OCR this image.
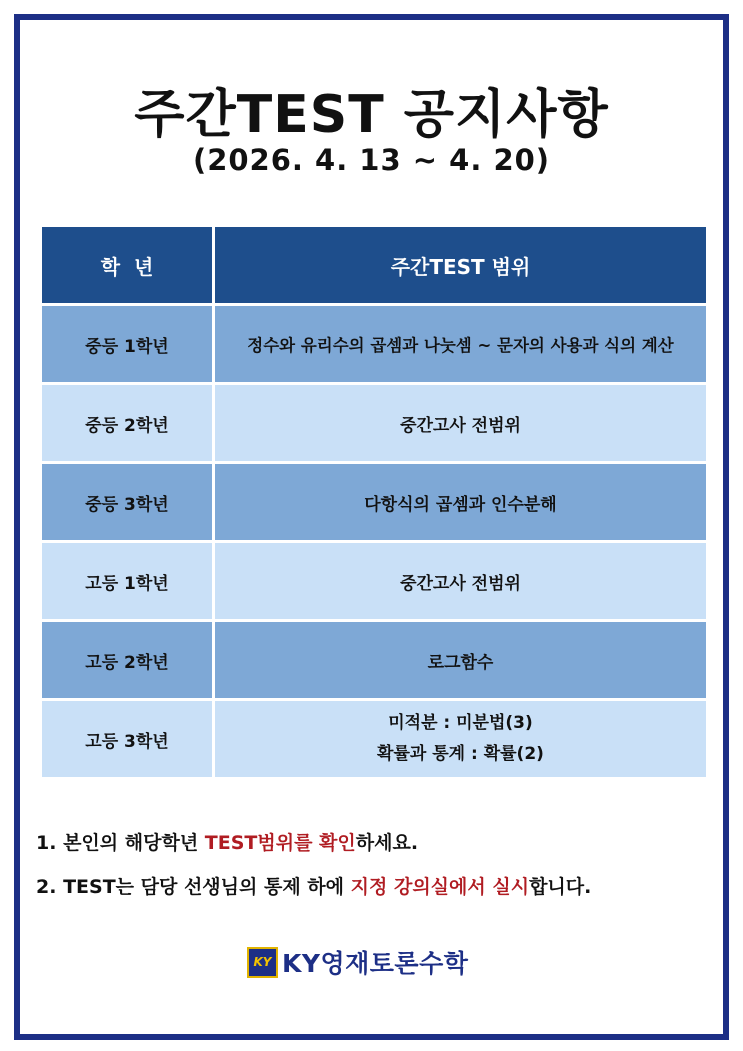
주간TEST 공지사항
(2026. 4. 13 ~ 4. 20)
학  년	주간TEST 범위
중등 1학년	정수와 유리수의 곱셈과 나눗셈 ~ 문자의 사용과 식의 계산
중등 2학년	중간고사 전범위
중등 3학년	다항식의 곱셈과 인수분해
고등 1학년	중간고사 전범위
고등 2학년	로그함수
고등 3학년	미적분 : 미분법(3)
확률과 통계 : 확률(2)
1. 본인의 해당학년 TEST범위를 확인하세요.
2. TEST는 담당 선생님의 통제 하에 지정 강의실에서 실시합니다.
KY KY영재토론수학
